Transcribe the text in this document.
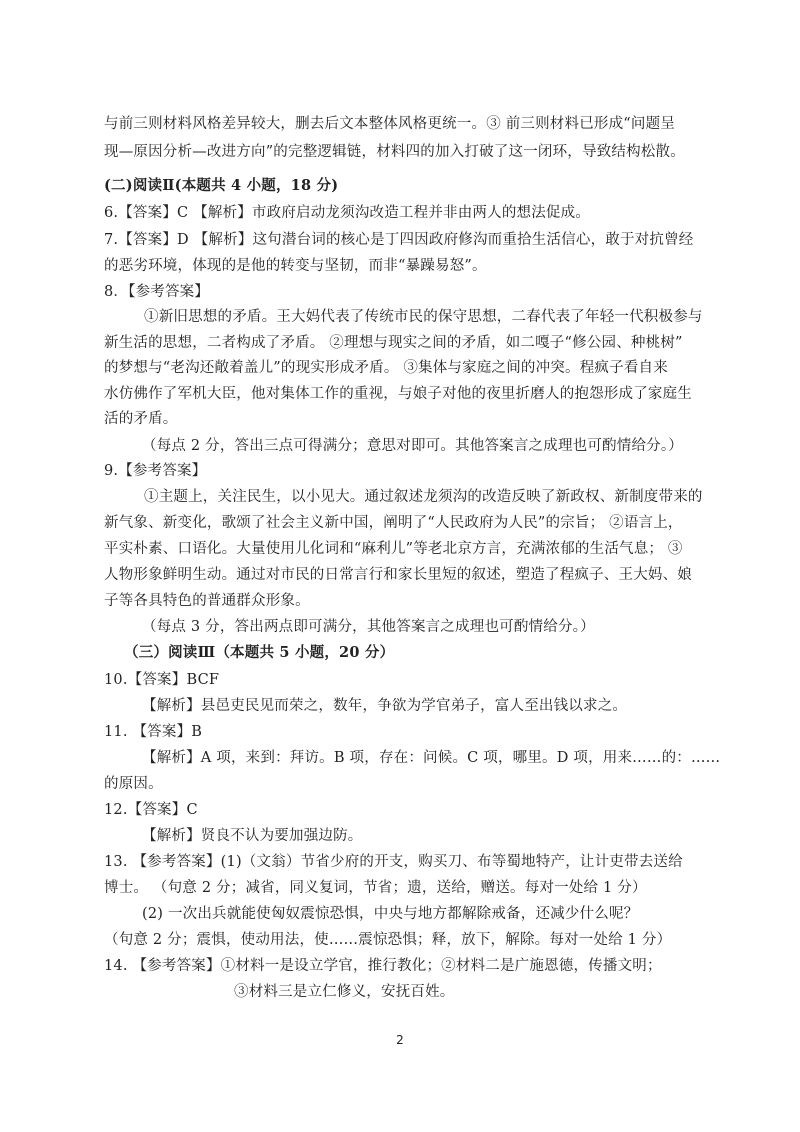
与前三则材料风格差异较大，删去后文本整体风格更统一。③ 前三则材料已形成“问题呈
现—原因分析—改进方向”的完整逻辑链，材料四的加入打破了这一闭环，导致结构松散。
(二)阅读Ⅱ(本题共 4 小题，18 分)
6.【答案】C 【解析】市政府启动龙须沟改造工程并非由两人的想法促成。
7.【答案】D 【解析】这句潜台词的核心是丁四因政府修沟而重拾生活信心，敢于对抗曾经
的恶劣环境，体现的是他的转变与坚韧，而非“暴躁易怒”。
8．【参考答案】
①新旧思想的矛盾。王大妈代表了传统市民的保守思想，二春代表了年轻一代积极参与
新生活的思想，二者构成了矛盾。 ②理想与现实之间的矛盾，如二嘎子“修公园、种桃树”
的梦想与“老沟还敞着盖儿”的现实形成矛盾。 ③集体与家庭之间的冲突。程疯子看自来
水仿佛作了军机大臣，他对集体工作的重视，与娘子对他的夜里折磨人的抱怨形成了家庭生
活的矛盾。
（每点 2 分，答出三点可得满分；意思对即可。其他答案言之成理也可酌情给分。）
9.【参考答案】
①主题上，关注民生，以小见大。通过叙述龙须沟的改造反映了新政权、新制度带来的
新气象、新变化，歌颂了社会主义新中国，阐明了“人民政府为人民”的宗旨； ②语言上，
平实朴素、口语化。大量使用儿化词和“麻利儿”等老北京方言，充满浓郁的生活气息； ③
人物形象鲜明生动。通过对市民的日常言行和家长里短的叙述，塑造了程疯子、王大妈、娘
子等各具特色的普通群众形象。
（每点 3 分，答出两点即可满分，其他答案言之成理也可酌情给分。）
（三）阅读Ⅲ（本题共 5 小题，20 分）
10.【答案】BCF
【解析】县邑吏民见而荣之，数年，争欲为学官弟子，富人至出钱以求之。
11. 【答案】B
【解析】A 项，来到：拜访。B 项，存在：问候。C 项，哪里。D 项，用来……的：……
的原因。
12.【答案】C
【解析】贤良不认为要加强边防。
13. 【参考答案】(1)（文翁）节省少府的开支，购买刀、布等蜀地特产，让计吏带去送给
博士。 （句意 2 分；减省，同义复词，节省；遗，送给，赠送。每对一处给 1 分）
(2) 一次出兵就能使匈奴震惊恐惧，中央与地方都解除戒备，还减少什么呢？
（句意 2 分；震惧，使动用法，使……震惊恐惧；释，放下，解除。每对一处给 1 分）
14. 【参考答案】①材料一是设立学官，推行教化；②材料二是广施恩德，传播文明；
③材料三是立仁修义，安抚百姓。
2
